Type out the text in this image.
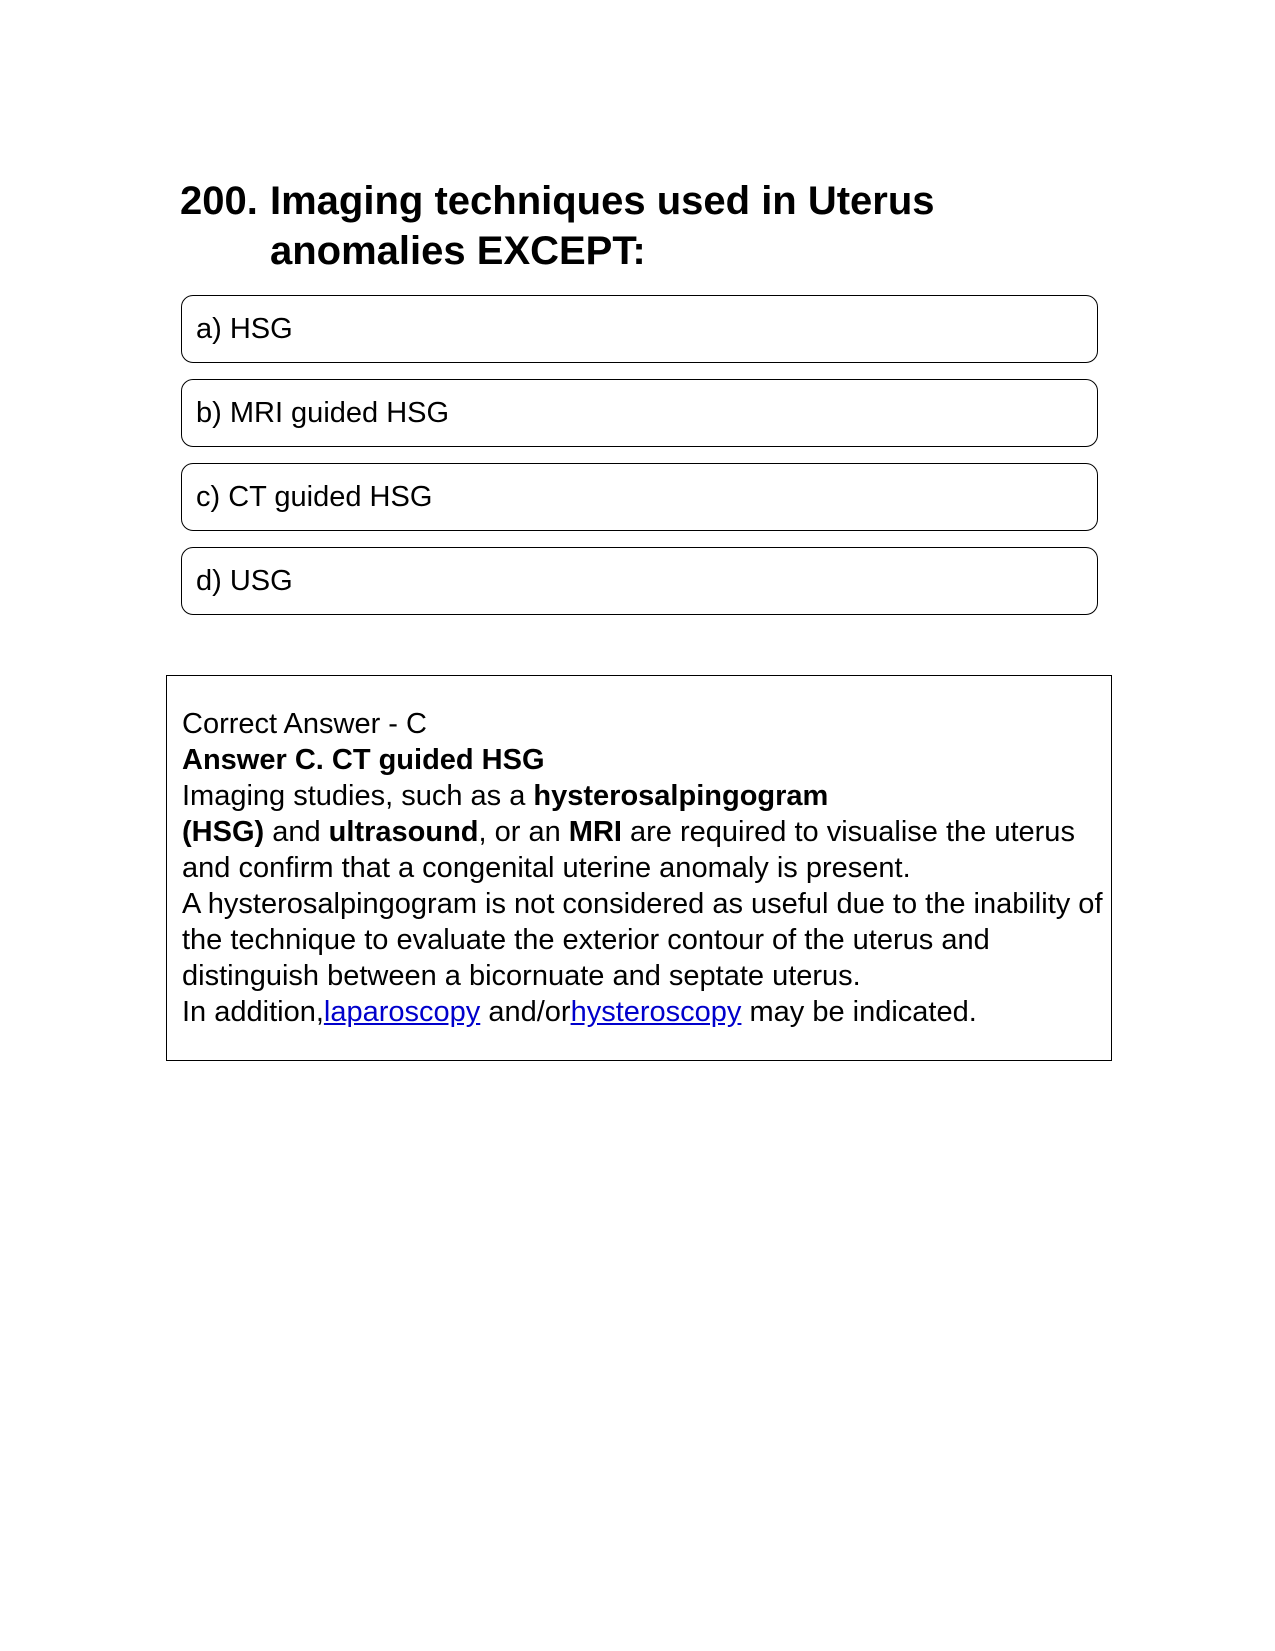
200. Imaging techniques used in Uterus anomalies EXCEPT:
a) HSG
b) MRI guided HSG
c) CT guided HSG
d) USG

Correct Answer - C

Answer C. CT guided HSG

Imaging studies, such as a hysterosalpingogram
(HSG) and ultrasound, or an MRI are required to visualise the uterus and confirm that a congenital uterine anomaly is present.

A hysterosalpingogram is not considered as useful due to the inability of the technique to evaluate the exterior contour of the uterus and distinguish between a bicornuate and septate uterus.

In addition,laparoscopy and/orhysteroscopy may be indicated.
